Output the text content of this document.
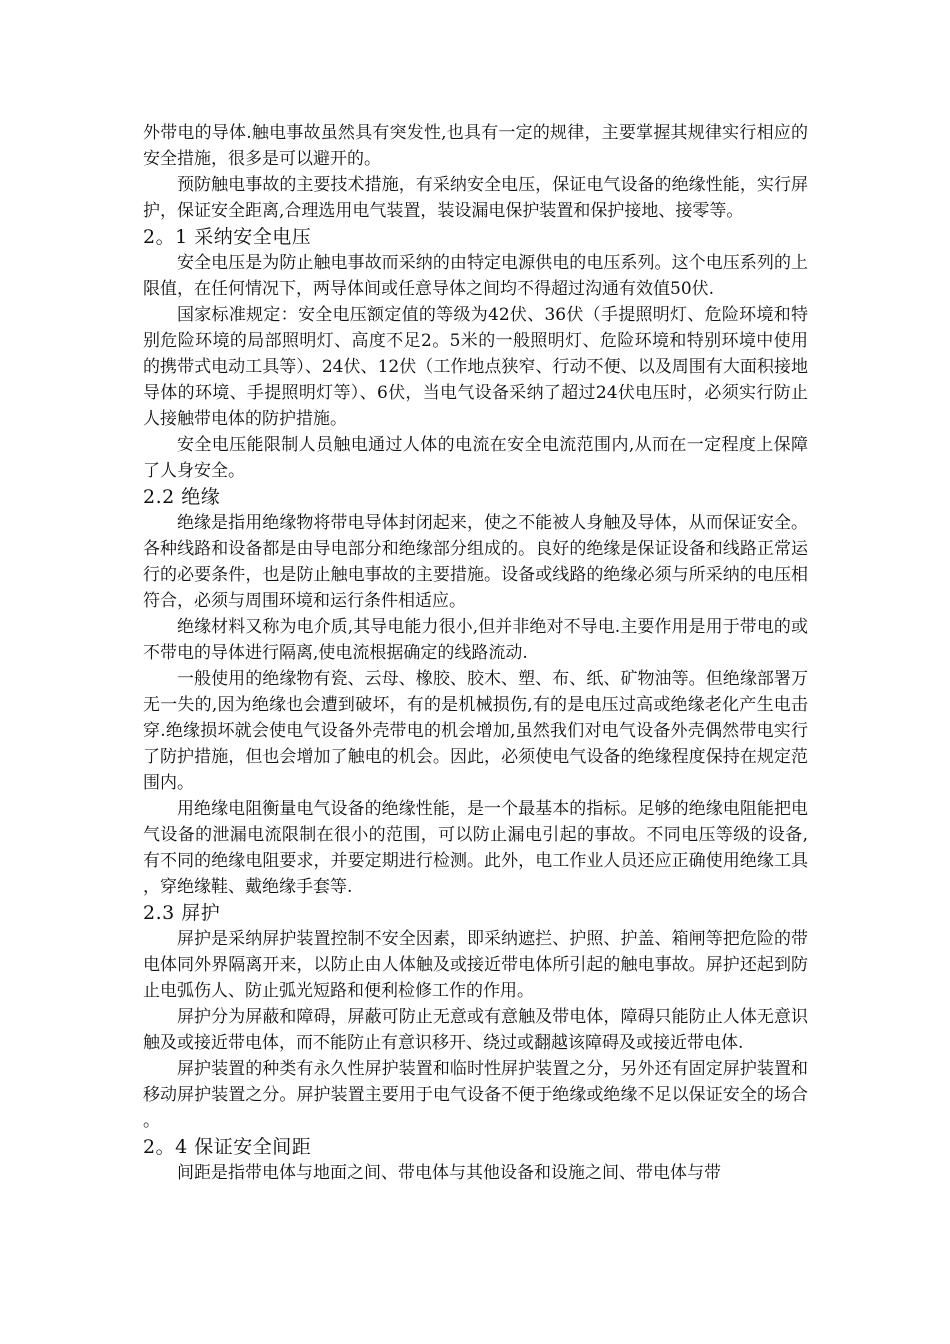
外带电的导体.触电事故虽然具有突发性,也具有一定的规律，主要掌握其规律实行相应的安全措施，很多是可以避开的。

预防触电事故的主要技术措施，有采纳安全电压，保证电气设备的绝缘性能，实行屏护，保证安全距离,合理选用电气装置，装设漏电保护装置和保护接地、接零等。

2。1 采纳安全电压

安全电压是为防止触电事故而采纳的由特定电源供电的电压系列。这个电压系列的上限值，在任何情况下，两导体间或任意导体之间均不得超过沟通有效值50伏.

国家标准规定：安全电压额定值的等级为42伏、36伏（手提照明灯、危险环境和特别危险环境的局部照明灯、高度不足2。5米的一般照明灯、危险环境和特别环境中使用的携带式电动工具等）、24伏、12伏（工作地点狭窄、行动不便、以及周围有大面积接地导体的环境、手提照明灯等）、6伏，当电气设备采纳了超过24伏电压时，必须实行防止人接触带电体的防护措施。

安全电压能限制人员触电通过人体的电流在安全电流范围内,从而在一定程度上保障了人身安全。

2.2 绝缘

绝缘是指用绝缘物将带电导体封闭起来，使之不能被人身触及导体，从而保证安全。各种线路和设备都是由导电部分和绝缘部分组成的。良好的绝缘是保证设备和线路正常运行的必要条件，也是防止触电事故的主要措施。设备或线路的绝缘必须与所采纳的电压相符合，必须与周围环境和运行条件相适应。

绝缘材料又称为电介质,其导电能力很小,但并非绝对不导电.主要作用是用于带电的或不带电的导体进行隔离,使电流根据确定的线路流动.

一般使用的绝缘物有瓷、云母、橡胶、胶木、塑、布、纸、矿物油等。但绝缘部署万无一失的,因为绝缘也会遭到破坏，有的是机械损伤,有的是电压过高或绝缘老化产生电击穿.绝缘损坏就会使电气设备外壳带电的机会增加,虽然我们对电气设备外壳偶然带电实行了防护措施，但也会增加了触电的机会。因此，必须使电气设备的绝缘程度保持在规定范围内。

用绝缘电阻衡量电气设备的绝缘性能，是一个最基本的指标。足够的绝缘电阻能把电气设备的泄漏电流限制在很小的范围，可以防止漏电引起的事故。不同电压等级的设备,有不同的绝缘电阻要求，并要定期进行检测。此外，电工作业人员还应正确使用绝缘工具，穿绝缘鞋、戴绝缘手套等.

2.3 屏护

屏护是采纳屏护装置控制不安全因素，即采纳遮拦、护照、护盖、箱闸等把危险的带电体同外界隔离开来，以防止由人体触及或接近带电体所引起的触电事故。屏护还起到防止电弧伤人、防止弧光短路和便利检修工作的作用。

屏护分为屏蔽和障碍，屏蔽可防止无意或有意触及带电体，障碍只能防止人体无意识触及或接近带电体，而不能防止有意识移开、绕过或翻越该障碍及或接近带电体.

屏护装置的种类有永久性屏护装置和临时性屏护装置之分，另外还有固定屏护装置和移动屏护装置之分。屏护装置主要用于电气设备不便于绝缘或绝缘不足以保证安全的场合。

2。4 保证安全间距

间距是指带电体与地面之间、带电体与其他设备和设施之间、带电体与带
